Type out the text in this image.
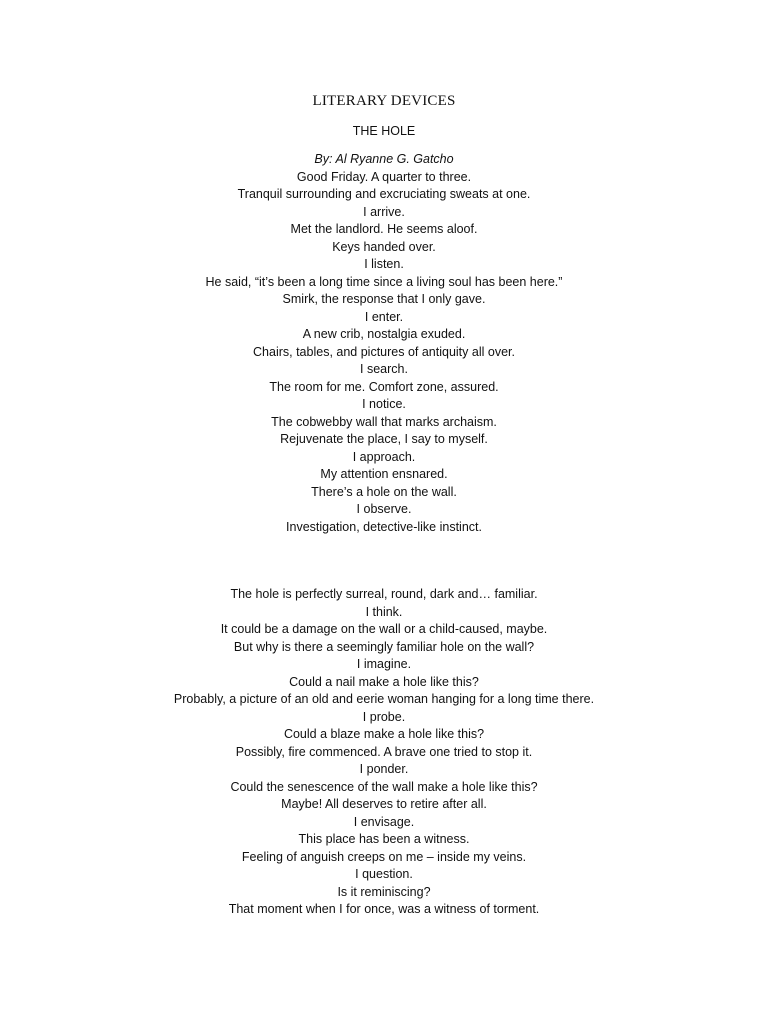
LITERARY DEVICES
THE HOLE
By: Al Ryanne G. Gatcho
Good Friday. A quarter to three.
Tranquil surrounding and excruciating sweats at one.
I arrive.
Met the landlord. He seems aloof.
Keys handed over.
I listen.
He said, “it’s been a long time since a living soul has been here.”
Smirk, the response that I only gave.
I enter.
A new crib, nostalgia exuded.
Chairs, tables, and pictures of antiquity all over.
I search.
The room for me. Comfort zone, assured.
I notice.
The cobwebby wall that marks archaism.
Rejuvenate the place, I say to myself.
I approach.
My attention ensnared.
There’s a hole on the wall.
I observe.
Investigation, detective-like instinct.
The hole is perfectly surreal, round, dark and… familiar.
I think.
It could be a damage on the wall or a child-caused, maybe.
But why is there a seemingly familiar hole on the wall?
I imagine.
Could a nail make a hole like this?
Probably, a picture of an old and eerie woman hanging for a long time there.
I probe.
Could a blaze make a hole like this?
Possibly, fire commenced. A brave one tried to stop it.
I ponder.
Could the senescence of the wall make a hole like this?
Maybe! All deserves to retire after all.
I envisage.
This place has been a witness.
Feeling of anguish creeps on me – inside my veins.
I question.
Is it reminiscing?
That moment when I for once, was a witness of torment.
